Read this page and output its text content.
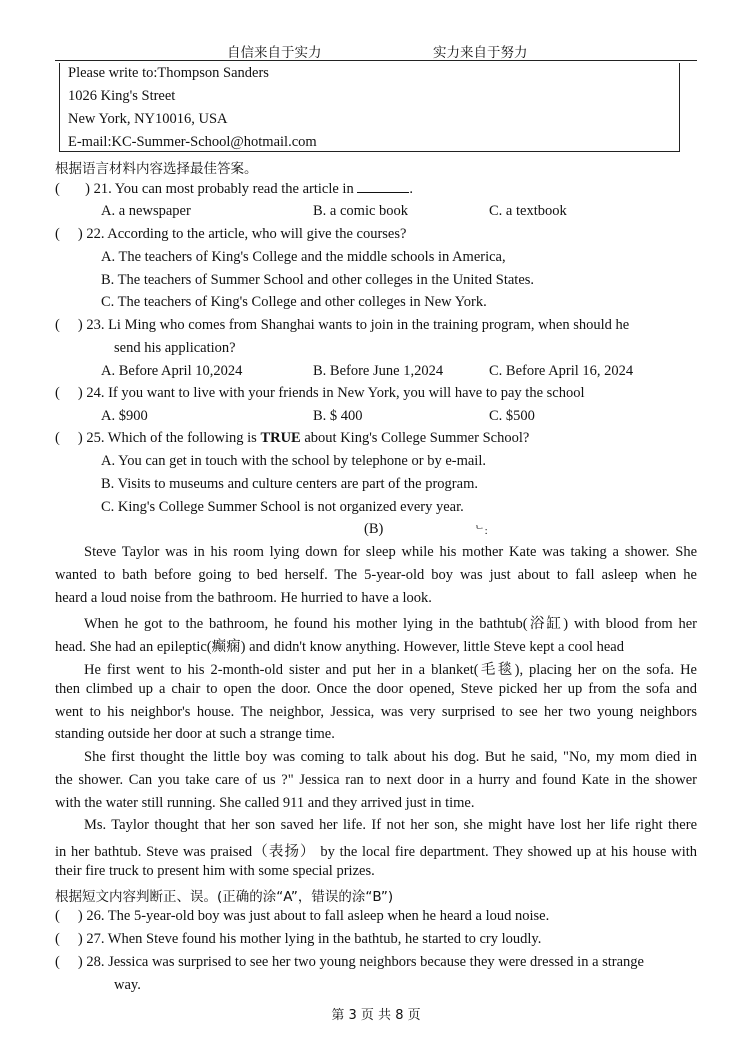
自信来自于实力	实力来自于努力
Please write to:Thompson Sanders
1026 King's Street
New York, NY10016, USA
E-mail:KC-Summer-School@hotmail.com
根据语言材料内容选择最佳答案。
( ) 21. You can most probably read the article in	.
A. a newspaper	B. a comic book	C. a textbook
( ) 22. According to the article, who will give the courses?
A. The teachers of King's College and the middle schools in America,
B. The teachers of Summer School and other colleges in the United States.
C. The teachers of King's College and other colleges in New York.
( ) 23. Li Ming who comes from Shanghai wants to join in the training program, when should he
send his application?
A. Before April 10,2024	B. Before June 1,2024	C. Before April 16, 2024
( ) 24. If you want to live with your friends in New York, you will have to pay the school
A. $900	B. $ 400	C. $500
( ) 25. Which of the following is TRUE about King's College Summer School?
A. You can get in touch with the school by telephone or by e-mail.
B. Visits to museums and culture centers are part of the program.
C. King's College Summer School is not organized every year.
(B)	ᄂ:
Steve Taylor was in his room lying down for sleep while his mother Kate was taking a shower. She
wanted to bath before going to bed herself. The 5-year-old boy was just about to fall asleep when he
heard a loud noise from the bathroom. He hurried to have a look.
When he got to the bathroom, he found his mother lying in the bathtub(浴缸) with blood from her
head. She had an epileptic(癫痫) and didn't know anything. However, little Steve kept a cool head
He first went to his 2-month-old sister and put her in a blanket(毛毯), placing her on the sofa. He
then climbed up a chair to open the door. Once the door opened, Steve picked her up from the sofa and
went to his neighbor's house. The neighbor, Jessica, was very surprised to see her two young neighbors
standing outside her door at such a strange time.
She first thought the little boy was coming to talk about his dog. But he said, "No, my mom died in
the shower. Can you take care of us ?" Jessica ran to next door in a hurry and found Kate in the shower
with the water still running. She called 911 and they arrived just in time.
Ms. Taylor thought that her son saved her life. If not her son, she might have lost her life right there
in her bathtub. Steve was praised（表扬） by the local fire department. They showed up at his house with
their fire truck to present him with some special prizes.
根据短文内容判断正、误。(正确的涂“A”，错误的涂“B”)
( ) 26. The 5-year-old boy was just about to fall asleep when he heard a loud noise.
( ) 27. When Steve found his mother lying in the bathtub, he started to cry loudly.
( ) 28. Jessica was surprised to see her two young neighbors because they were dressed in a strange
way.
第 3 页 共 8 页
